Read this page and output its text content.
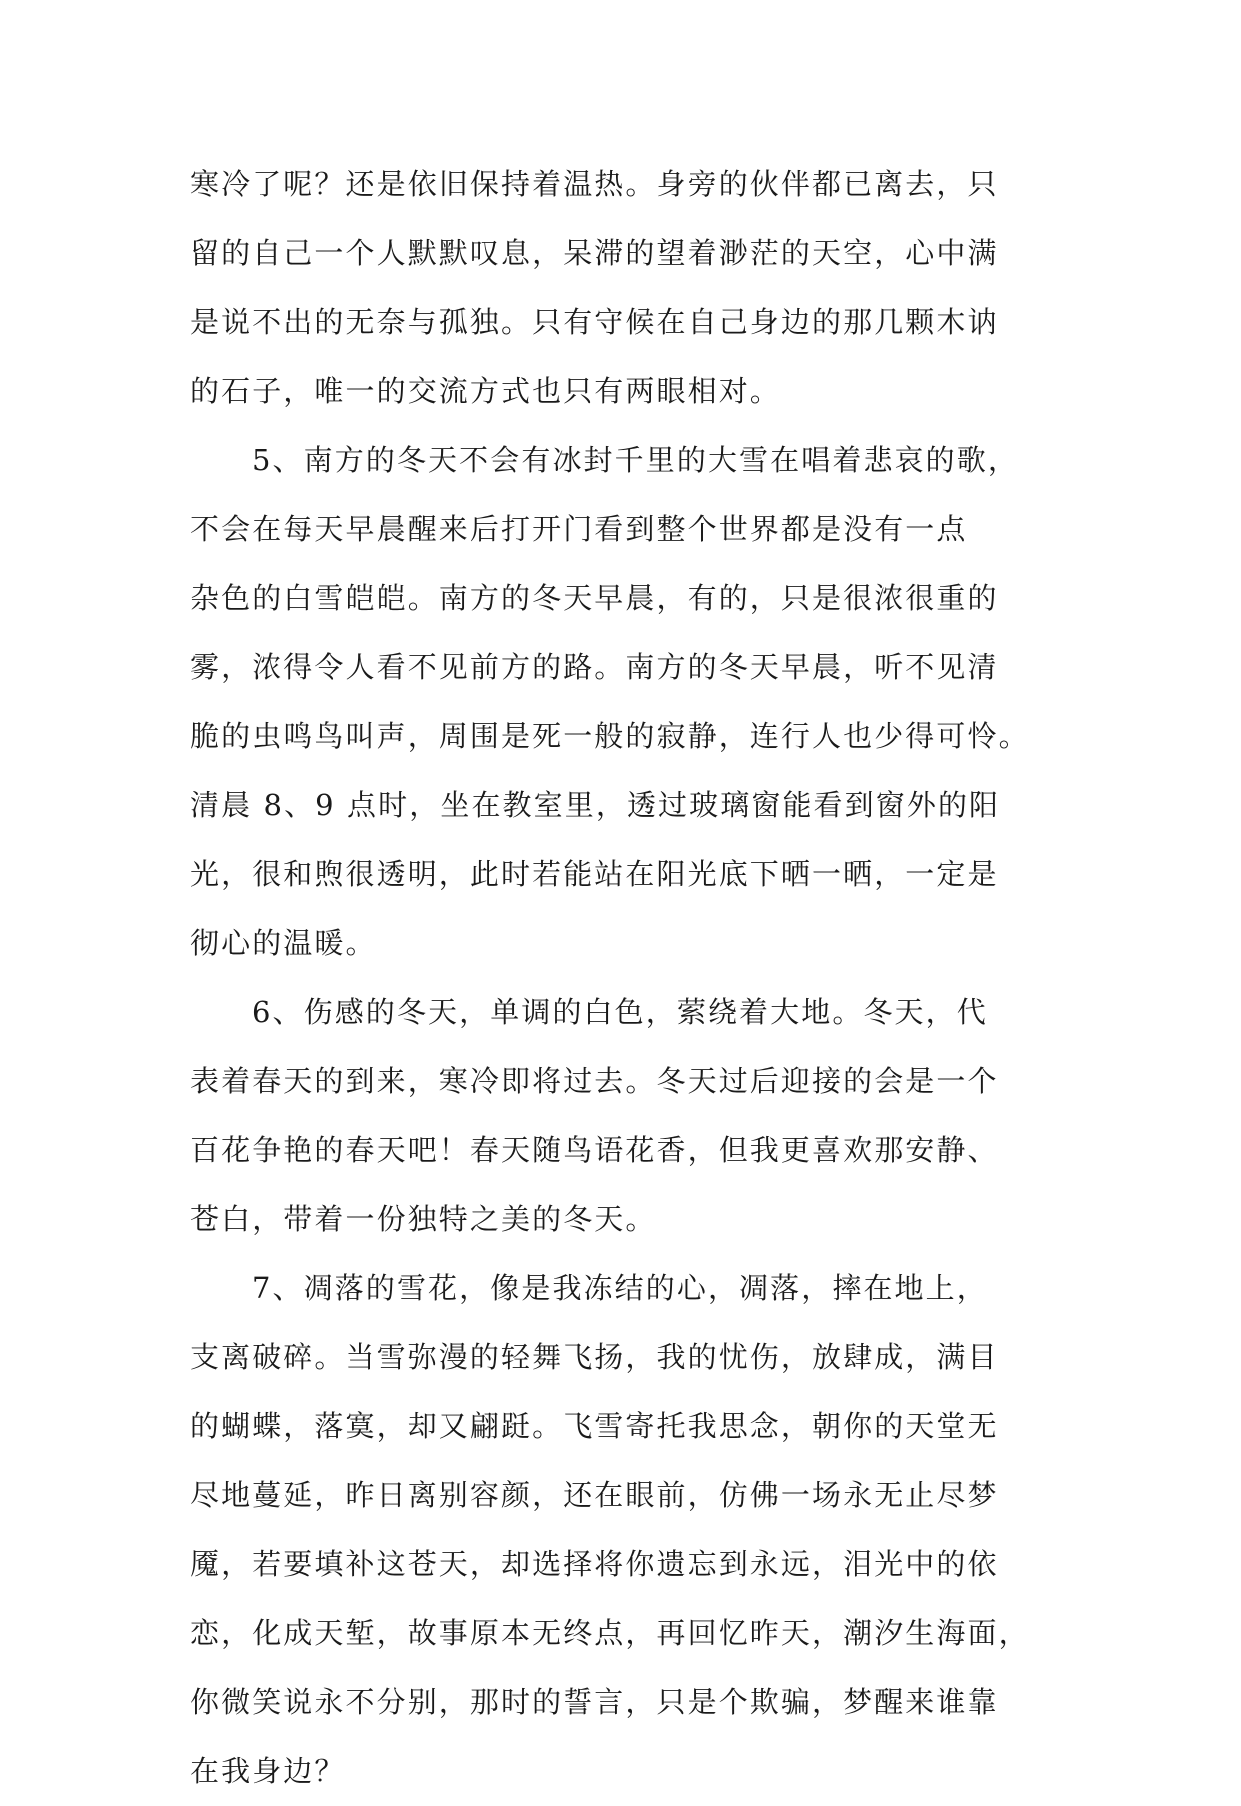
寒冷了呢？还是依旧保持着温热。身旁的伙伴都已离去，只
留的自己一个人默默叹息，呆滞的望着渺茫的天空，心中满
是说不出的无奈与孤独。只有守候在自己身边的那几颗木讷
的石子，唯一的交流方式也只有两眼相对。
5、南方的冬天不会有冰封千里的大雪在唱着悲哀的歌，
不会在每天早晨醒来后打开门看到整个世界都是没有一点
杂色的白雪皑皑。南方的冬天早晨，有的，只是很浓很重的
雾，浓得令人看不见前方的路。南方的冬天早晨，听不见清
脆的虫鸣鸟叫声，周围是死一般的寂静，连行人也少得可怜。
清晨 8、9 点时，坐在教室里，透过玻璃窗能看到窗外的阳
光，很和煦很透明，此时若能站在阳光底下晒一晒，一定是
彻心的温暖。
6、伤感的冬天，单调的白色，萦绕着大地。冬天，代
表着春天的到来，寒冷即将过去。冬天过后迎接的会是一个
百花争艳的春天吧！春天随鸟语花香，但我更喜欢那安静、
苍白，带着一份独特之美的冬天。
7、凋落的雪花，像是我冻结的心，凋落，摔在地上，
支离破碎。当雪弥漫的轻舞飞扬，我的忧伤，放肆成，满目
的蝴蝶，落寞，却又翩跹。飞雪寄托我思念，朝你的天堂无
尽地蔓延，昨日离别容颜，还在眼前，仿佛一场永无止尽梦
魇，若要填补这苍天，却选择将你遗忘到永远，泪光中的依
恋，化成天堑，故事原本无终点，再回忆昨天，潮汐生海面，
你微笑说永不分别，那时的誓言，只是个欺骗，梦醒来谁靠
在我身边？
